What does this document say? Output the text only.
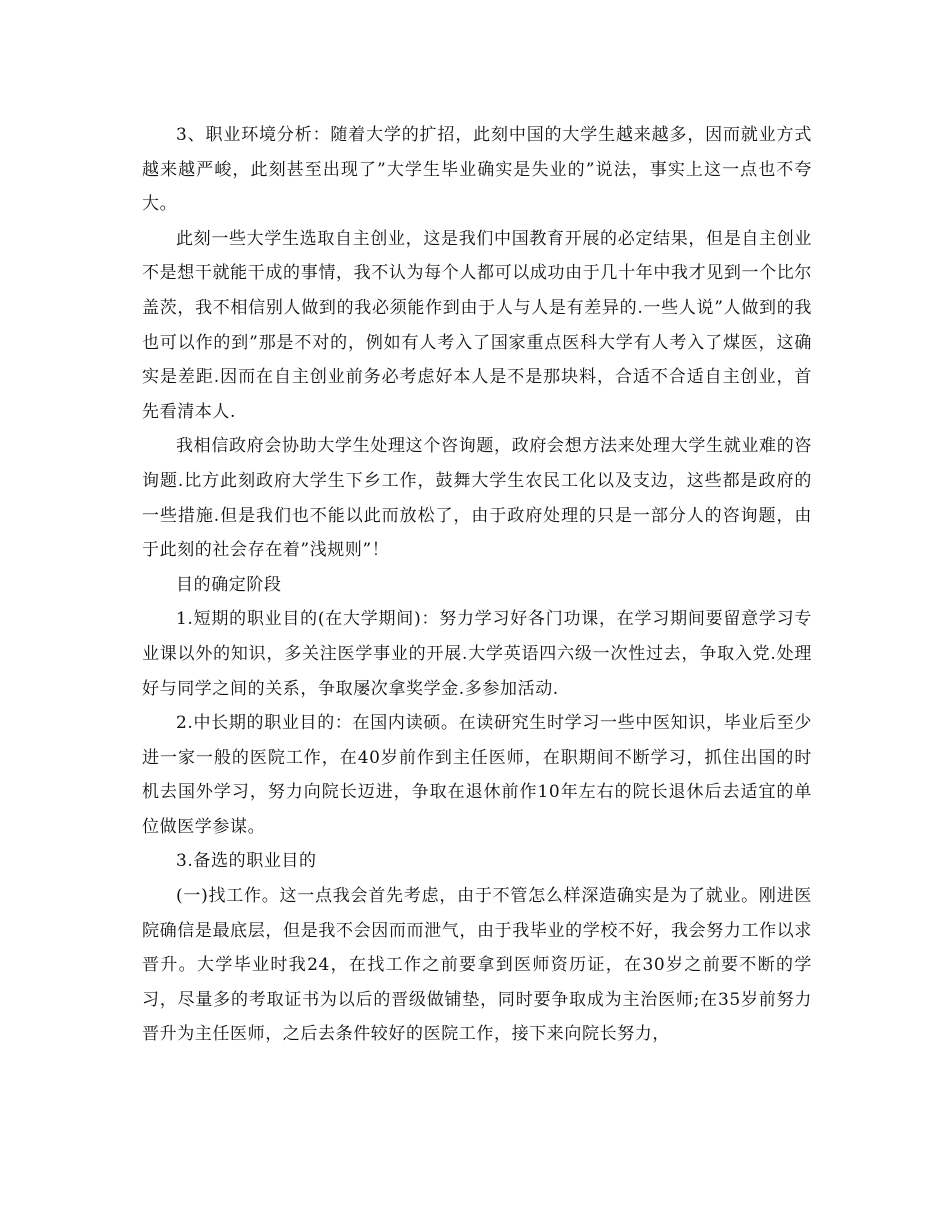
3、职业环境分析：随着大学的扩招，此刻中国的大学生越来越多，因而就业方式越来越严峻，此刻甚至出现了”大学生毕业确实是失业的”说法，事实上这一点也不夸大。

此刻一些大学生选取自主创业，这是我们中国教育开展的必定结果，但是自主创业不是想干就能干成的事情，我不认为每个人都可以成功由于几十年中我才见到一个比尔盖茨，我不相信别人做到的我必须能作到由于人与人是有差异的.一些人说”人做到的我也可以作的到”那是不对的，例如有人考入了国家重点医科大学有人考入了煤医，这确实是差距.因而在自主创业前务必考虑好本人是不是那块料，合适不合适自主创业，首先看清本人.

我相信政府会协助大学生处理这个咨询题，政府会想方法来处理大学生就业难的咨询题.比方此刻政府大学生下乡工作，鼓舞大学生农民工化以及支边，这些都是政府的一些措施.但是我们也不能以此而放松了，由于政府处理的只是一部分人的咨询题，由于此刻的社会存在着”浅规则”！

目的确定阶段

1.短期的职业目的(在大学期间)：努力学习好各门功课，在学习期间要留意学习专业课以外的知识，多关注医学事业的开展.大学英语四六级一次性过去，争取入党.处理好与同学之间的关系，争取屡次拿奖学金.多参加活动.

2.中长期的职业目的：在国内读硕。在读研究生时学习一些中医知识，毕业后至少进一家一般的医院工作，在40岁前作到主任医师，在职期间不断学习，抓住出国的时机去国外学习，努力向院长迈进，争取在退休前作10年左右的院长退休后去适宜的单位做医学参谋。

3.备选的职业目的

(一)找工作。这一点我会首先考虑，由于不管怎么样深造确实是为了就业。刚进医院确信是最底层，但是我不会因而而泄气，由于我毕业的学校不好，我会努力工作以求晋升。大学毕业时我24，在找工作之前要拿到医师资历证，在30岁之前要不断的学习，尽量多的考取证书为以后的晋级做铺垫，同时要争取成为主治医师;在35岁前努力晋升为主任医师，之后去条件较好的医院工作，接下来向院长努力，
